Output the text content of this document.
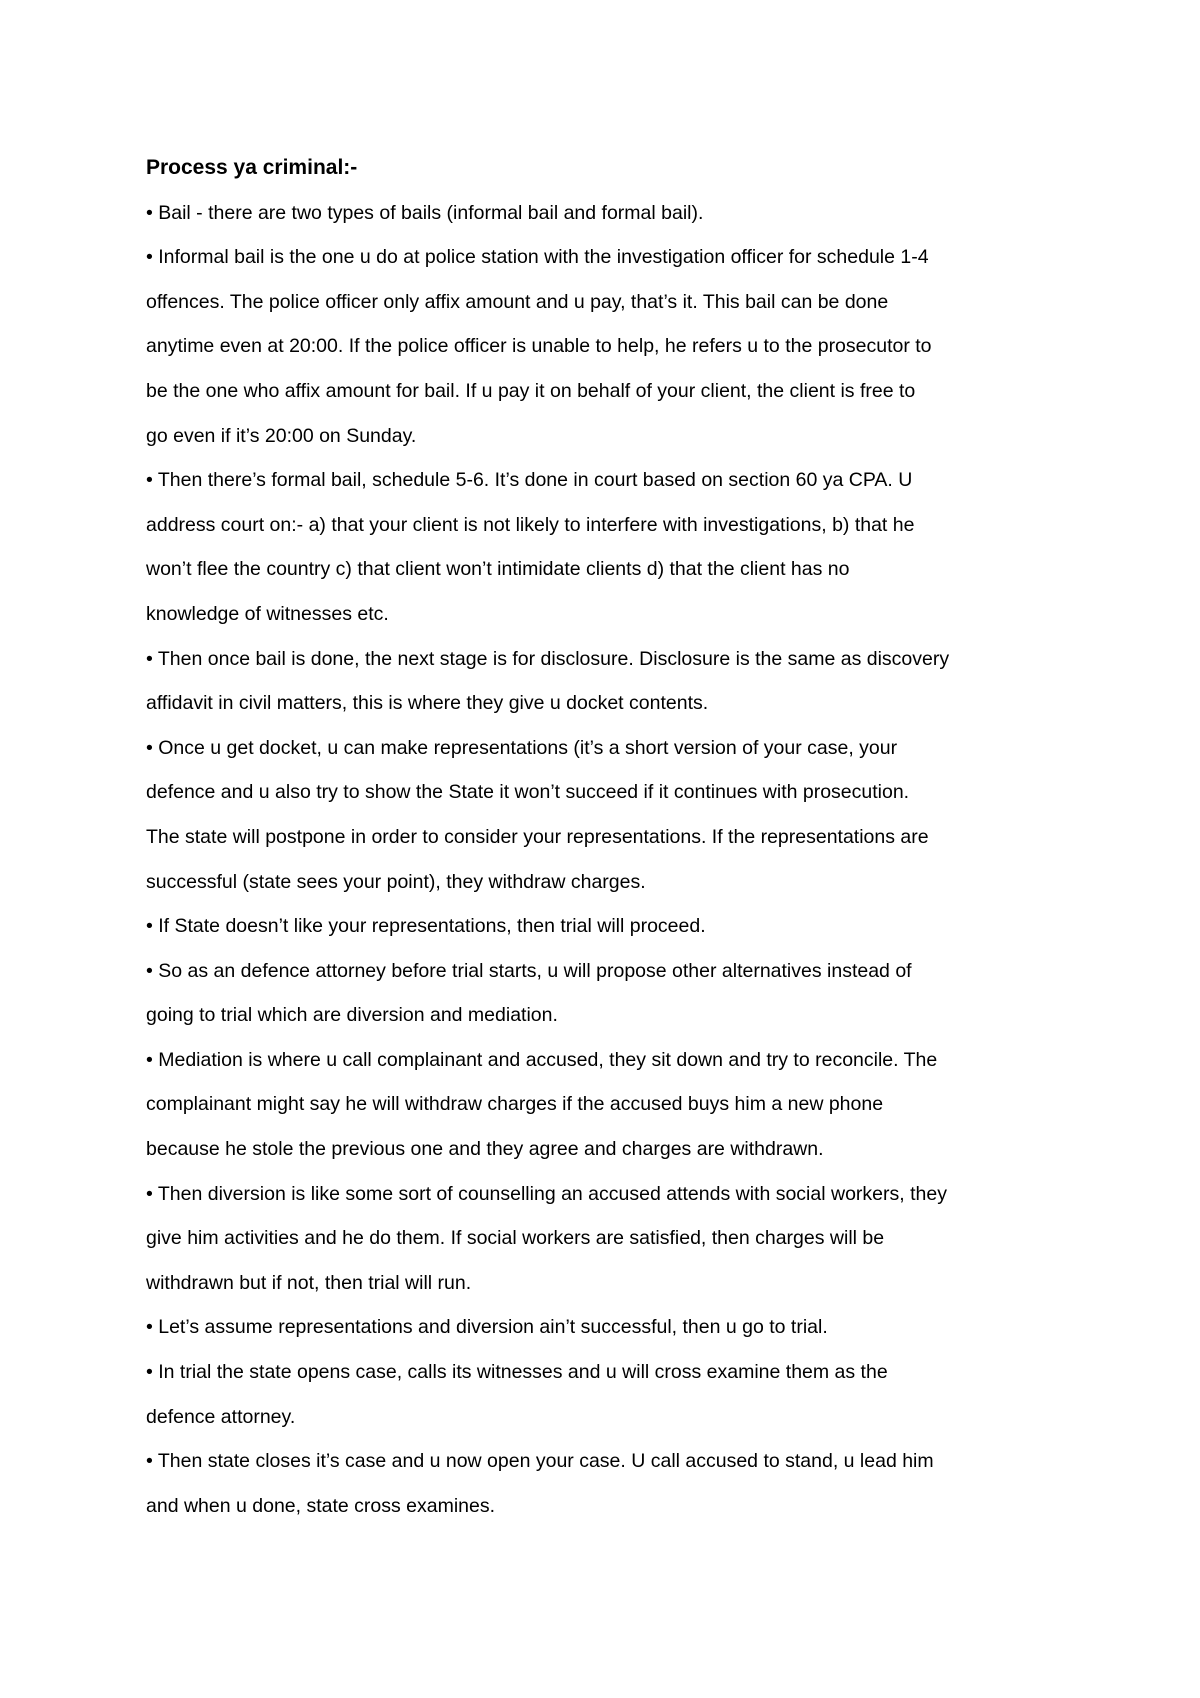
Process ya criminal:-

• Bail - there are two types of bails (informal bail and formal bail).

• Informal bail is the one u do at police station with the investigation officer for schedule 1-4

offences. The police officer only affix amount and u pay, that’s it. This bail can be done

anytime even at 20:00. If the police officer is unable to help, he refers u to the prosecutor to

be the one who affix amount for bail. If u pay it on behalf of your client, the client is free to

go even if it’s 20:00 on Sunday.

• Then there’s formal bail, schedule 5-6. It’s done in court based on section 60 ya CPA. U

address court on:- a) that your client is not likely to interfere with investigations, b) that he

won’t flee the country c) that client won’t intimidate clients d) that the client has no

knowledge of witnesses etc.

• Then once bail is done, the next stage is for disclosure. Disclosure is the same as discovery

affidavit in civil matters, this is where they give u docket contents.

• Once u get docket, u can make representations (it’s a short version of your case, your

defence and u also try to show the State it won’t succeed if it continues with prosecution.

The state will postpone in order to consider your representations. If the representations are

successful (state sees your point), they withdraw charges.

• If State doesn’t like your representations, then trial will proceed.

• So as an defence attorney before trial starts, u will propose other alternatives instead of

going to trial which are diversion and mediation.

• Mediation is where u call complainant and accused, they sit down and try to reconcile. The

complainant might say he will withdraw charges if the accused buys him a new phone

because he stole the previous one and they agree and charges are withdrawn.

• Then diversion is like some sort of counselling an accused attends with social workers, they

give him activities and he do them. If social workers are satisfied, then charges will be

withdrawn but if not, then trial will run.

• Let’s assume representations and diversion ain’t successful, then u go to trial.

• In trial the state opens case, calls its witnesses and u will cross examine them as the

defence attorney.

• Then state closes it’s case and u now open your case. U call accused to stand, u lead him

and when u done, state cross examines.
